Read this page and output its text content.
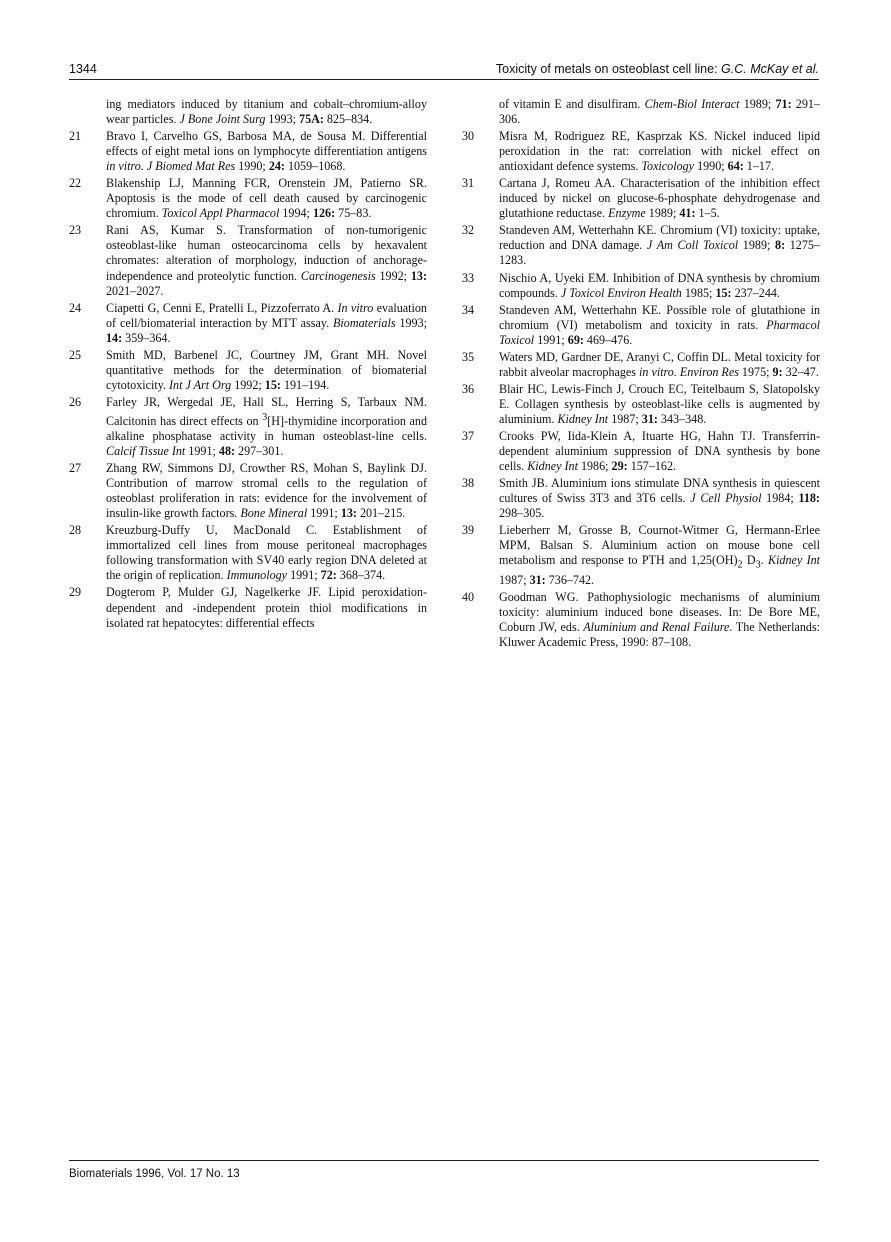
1344	Toxicity of metals on osteoblast cell line: G.C. McKay et al.
ing mediators induced by titanium and cobalt–chromium-alloy wear particles. J Bone Joint Surg 1993; 75A: 825–834.
21	Bravo I, Carvelho GS, Barbosa MA, de Sousa M. Differential effects of eight metal ions on lymphocyte differentiation antigens in vitro. J Biomed Mat Res 1990; 24: 1059–1068.
22	Blakenship LJ, Manning FCR, Orenstein JM, Patierno SR. Apoptosis is the mode of cell death caused by carcinogenic chromium. Toxicol Appl Pharmacol 1994; 126: 75–83.
23	Rani AS, Kumar S. Transformation of non-tumorigenic osteoblast-like human osteocarcinoma cells by hexavalent chromates: alteration of morphology, induction of anchorage-independence and proteolytic function. Carcinogenesis 1992; 13: 2021–2027.
24	Ciapetti G, Cenni E, Pratelli L, Pizzoferrato A. In vitro evaluation of cell/biomaterial interaction by MTT assay. Biomaterials 1993; 14: 359–364.
25	Smith MD, Barbenel JC, Courtney JM, Grant MH. Novel quantitative methods for the determination of biomaterial cytotoxicity. Int J Art Org 1992; 15: 191–194.
26	Farley JR, Wergedal JE, Hall SL, Herring S, Tarbaux NM. Calcitonin has direct effects on $^3$[H]-thymidine incorporation and alkaline phosphatase activity in human osteoblast-line cells. Calcif Tissue Int 1991; 48: 297–301.
27	Zhang RW, Simmons DJ, Crowther RS, Mohan S, Baylink DJ. Contribution of marrow stromal cells to the regulation of osteoblast proliferation in rats: evidence for the involvement of insulin-like growth factors. Bone Mineral 1991; 13: 201–215.
28	Kreuzburg-Duffy U, MacDonald C. Establishment of immortalized cell lines from mouse peritoneal macrophages following transformation with SV40 early region DNA deleted at the origin of replication. Immunology 1991; 72: 368–374.
29	Dogterom P, Mulder GJ, Nagelkerke JF. Lipid peroxidation-dependent and -independent protein thiol modifications in isolated rat hepatocytes: differential effects
of vitamin E and disulfiram. Chem-Biol Interact 1989; 71: 291–306.
30	Misra M, Rodriguez RE, Kasprzak KS. Nickel induced lipid peroxidation in the rat: correlation with nickel effect on antioxidant defence systems. Toxicology 1990; 64: 1–17.
31	Cartana J, Romeu AA. Characterisation of the inhibition effect induced by nickel on glucose-6-phosphate dehydrogenase and glutathione reductase. Enzyme 1989; 41: 1–5.
32	Standeven AM, Wetterhahn KE. Chromium (VI) toxicity: uptake, reduction and DNA damage. J Am Coll Toxicol 1989; 8: 1275–1283.
33	Nischio A, Uyeki EM. Inhibition of DNA synthesis by chromium compounds. J Toxicol Environ Health 1985; 15: 237–244.
34	Standeven AM, Wetterhahn KE. Possible role of glutathione in chromium (VI) metabolism and toxicity in rats. Pharmacol Toxicol 1991; 69: 469–476.
35	Waters MD, Gardner DE, Aranyi C, Coffin DL. Metal toxicity for rabbit alveolar macrophages in vitro. Environ Res 1975; 9: 32–47.
36	Blair HC, Lewis-Finch J, Crouch EC, Teitelbaum S, Slatopolsky E. Collagen synthesis by osteoblast-like cells is augmented by aluminium. Kidney Int 1987; 31: 343–348.
37	Crooks PW, Iida-Klein A, Ituarte HG, Hahn TJ. Transferrin-dependent aluminium suppression of DNA synthesis by bone cells. Kidney Int 1986; 29: 157–162.
38	Smith JB. Aluminium ions stimulate DNA synthesis in quiescent cultures of Swiss 3T3 and 3T6 cells. J Cell Physiol 1984; 118: 298–305.
39	Lieberherr M, Grosse B, Cournot-Witmer G, Hermann-Erlee MPM, Balsan S. Aluminium action on mouse bone cell metabolism and response to PTH and $1,25(OH)_2$ $D_3$. Kidney Int 1987; 31: 736–742.
40	Goodman WG. Pathophysiologic mechanisms of aluminium toxicity: aluminium induced bone diseases. In: De Bore ME, Coburn JW, eds. Aluminium and Renal Failure. The Netherlands: Kluwer Academic Press, 1990: 87–108.
Biomaterials 1996, Vol. 17 No. 13
